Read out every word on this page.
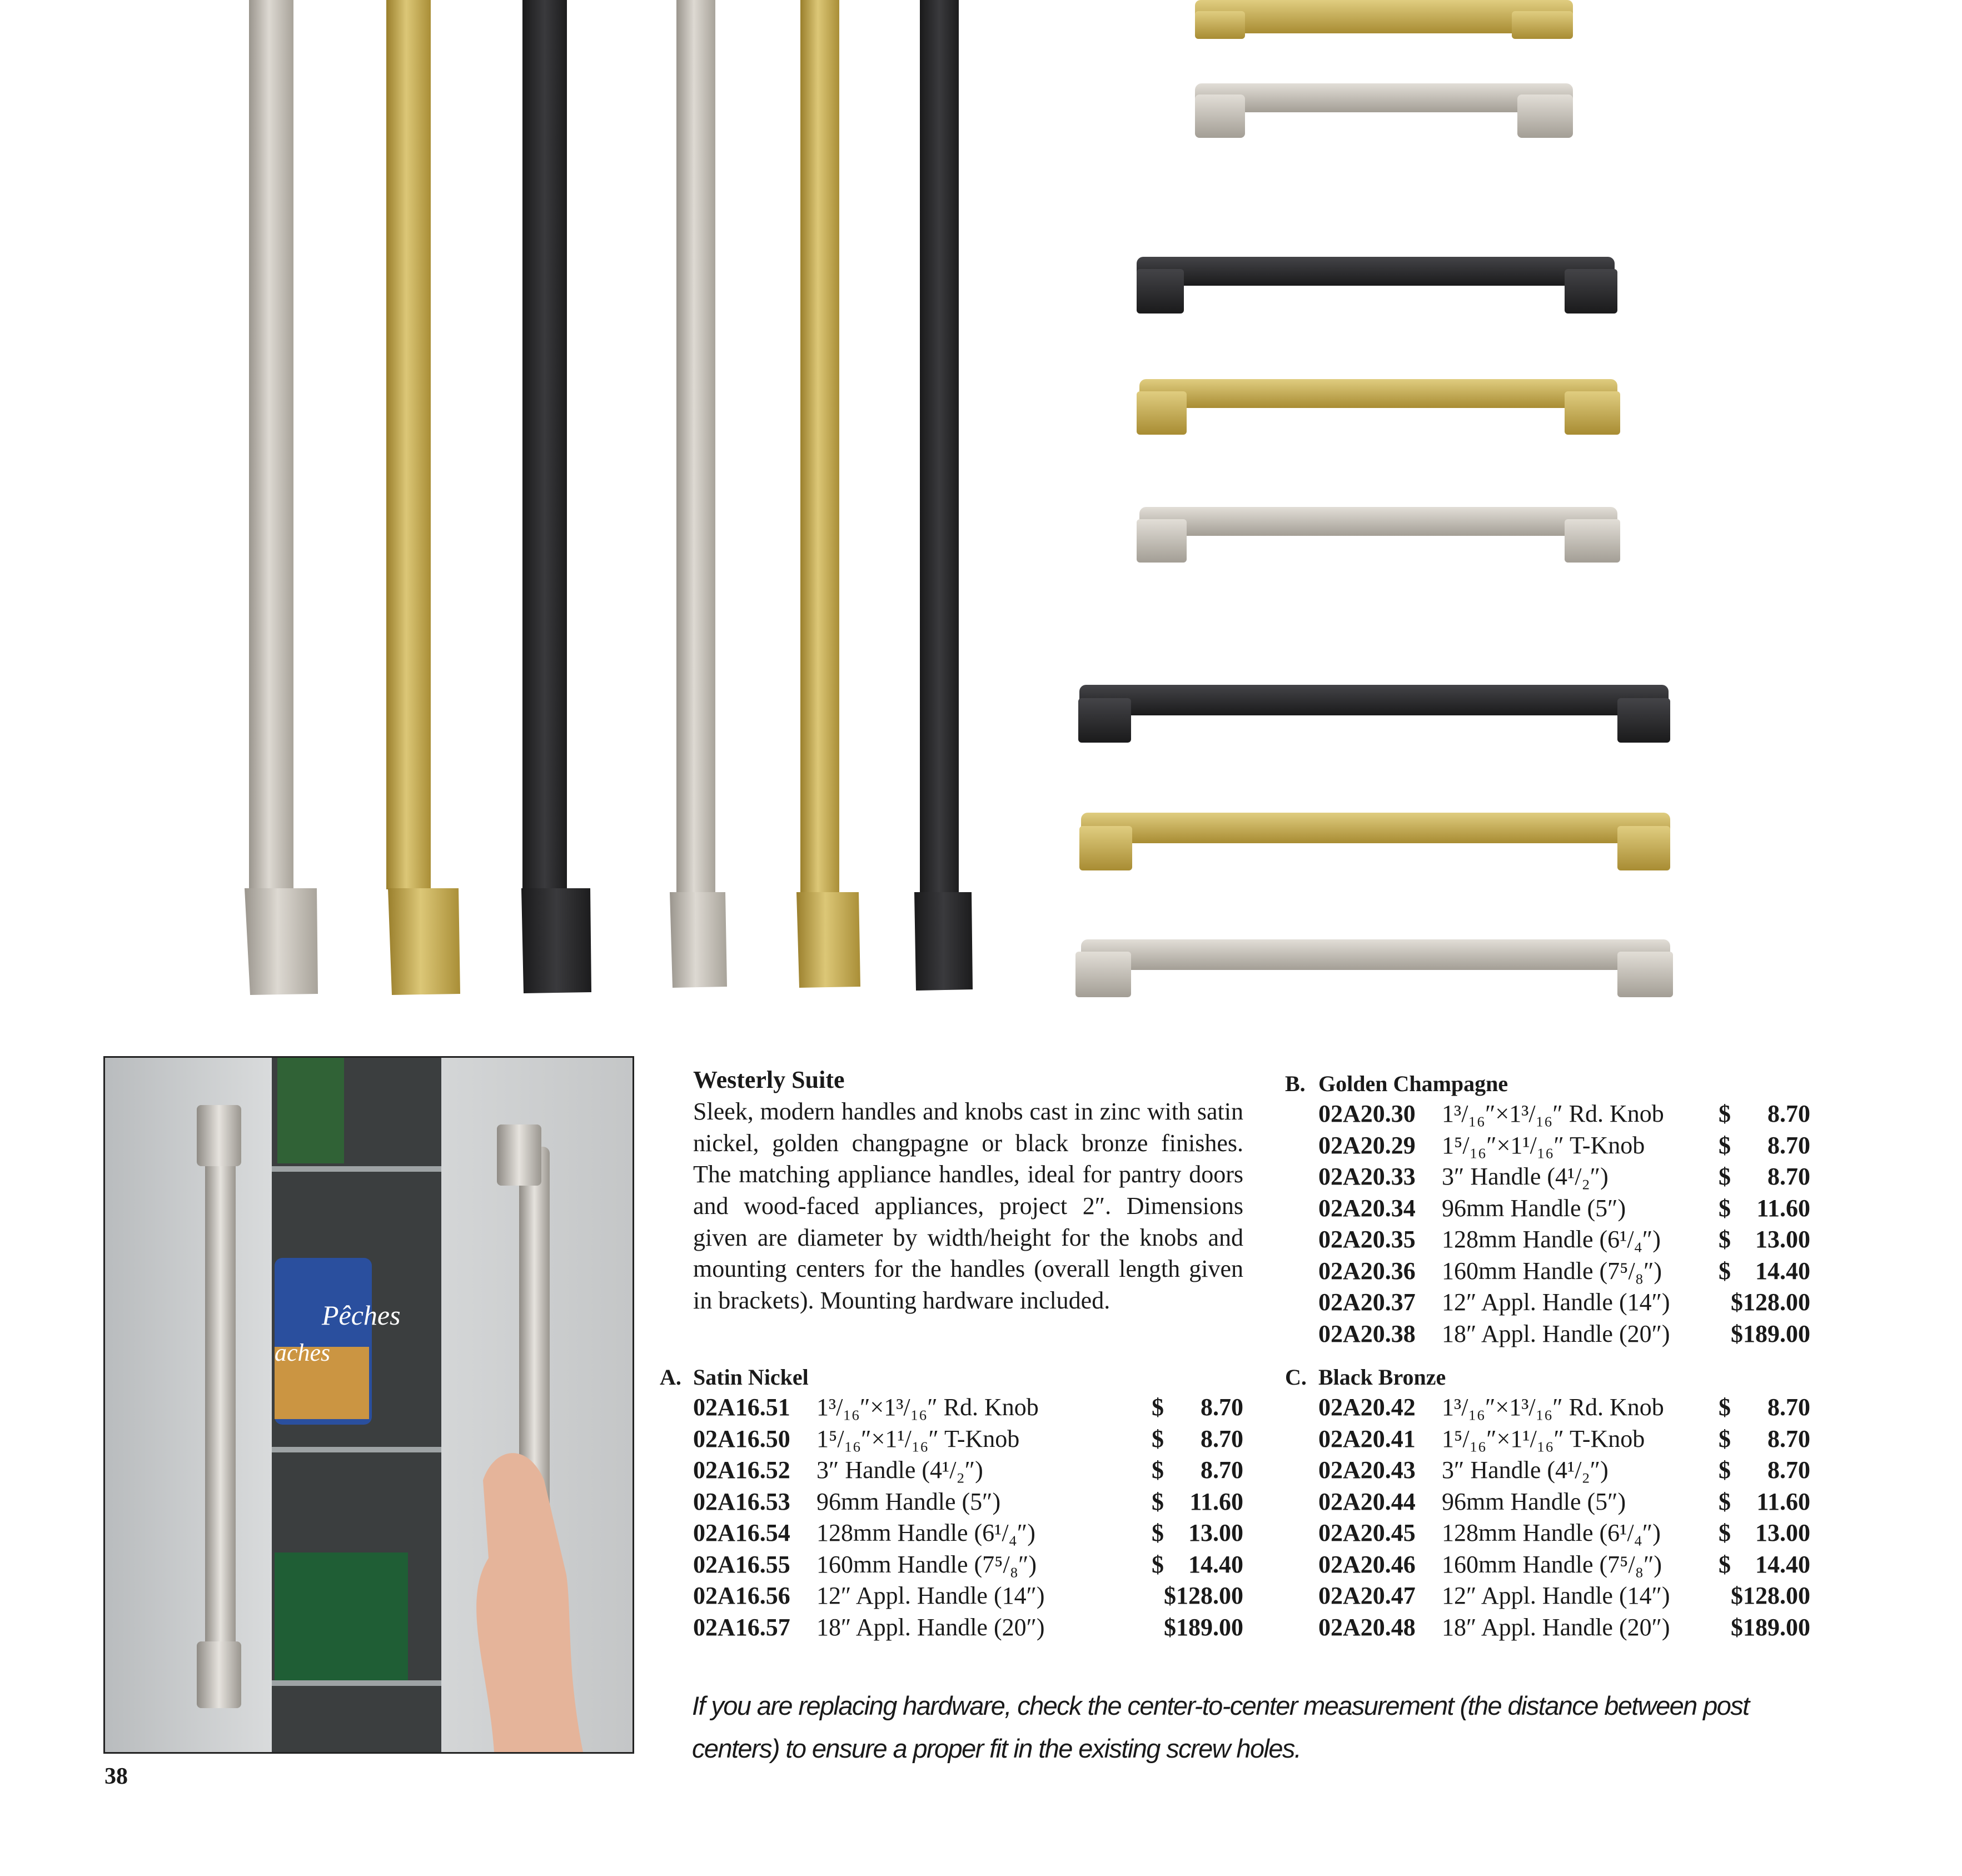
Pêches
aches
Westerly Suite

Sleek, modern handles and knobs cast in zinc with satin nickel, golden changpagne or black bronze finishes. The matching appliance handles, ideal for pantry doors and wood-faced appliances, project 2″. Dimensions given are diameter by width/height for the knobs and mounting centers for the handles (overall length given in brackets). Mounting hardware included.

A. Satin Nickel
02A16.51	1³/₁₆″×1³/₁₆″ Rd. Knob	$ 8.70
02A16.50	1⁵/₁₆″×1¹/₁₆″ T-Knob	$ 8.70
02A16.52	3″ Handle (4¹/₂″)	$ 8.70
02A16.53	96mm Handle (5″)	$ 11.60
02A16.54	128mm Handle (6¹/₄″)	$ 13.00
02A16.55	160mm Handle (7⁵/₈″)	$ 14.40
02A16.56	12″ Appl. Handle (14″)	$128.00
02A16.57	18″ Appl. Handle (20″)	$189.00
B. Golden Champagne
02A20.30	1³/₁₆″×1³/₁₆″ Rd. Knob	$ 8.70
02A20.29	1⁵/₁₆″×1¹/₁₆″ T-Knob	$ 8.70
02A20.33	3″ Handle (4¹/₂″)	$ 8.70
02A20.34	96mm Handle (5″)	$ 11.60
02A20.35	128mm Handle (6¹/₄″)	$ 13.00
02A20.36	160mm Handle (7⁵/₈″)	$ 14.40
02A20.37	12″ Appl. Handle (14″)	$128.00
02A20.38	18″ Appl. Handle (20″)	$189.00
C. Black Bronze
02A20.42	1³/₁₆″×1³/₁₆″ Rd. Knob	$ 8.70
02A20.41	1⁵/₁₆″×1¹/₁₆″ T-Knob	$ 8.70
02A20.43	3″ Handle (4¹/₂″)	$ 8.70
02A20.44	96mm Handle (5″)	$ 11.60
02A20.45	128mm Handle (6¹/₄″)	$ 13.00
02A20.46	160mm Handle (7⁵/₈″)	$ 14.40
02A20.47	12″ Appl. Handle (14″)	$128.00
02A20.48	18″ Appl. Handle (20″)	$189.00
If you are replacing hardware, check the center-to-center measurement (the distance between post centers) to ensure a proper fit in the existing screw holes.
38
